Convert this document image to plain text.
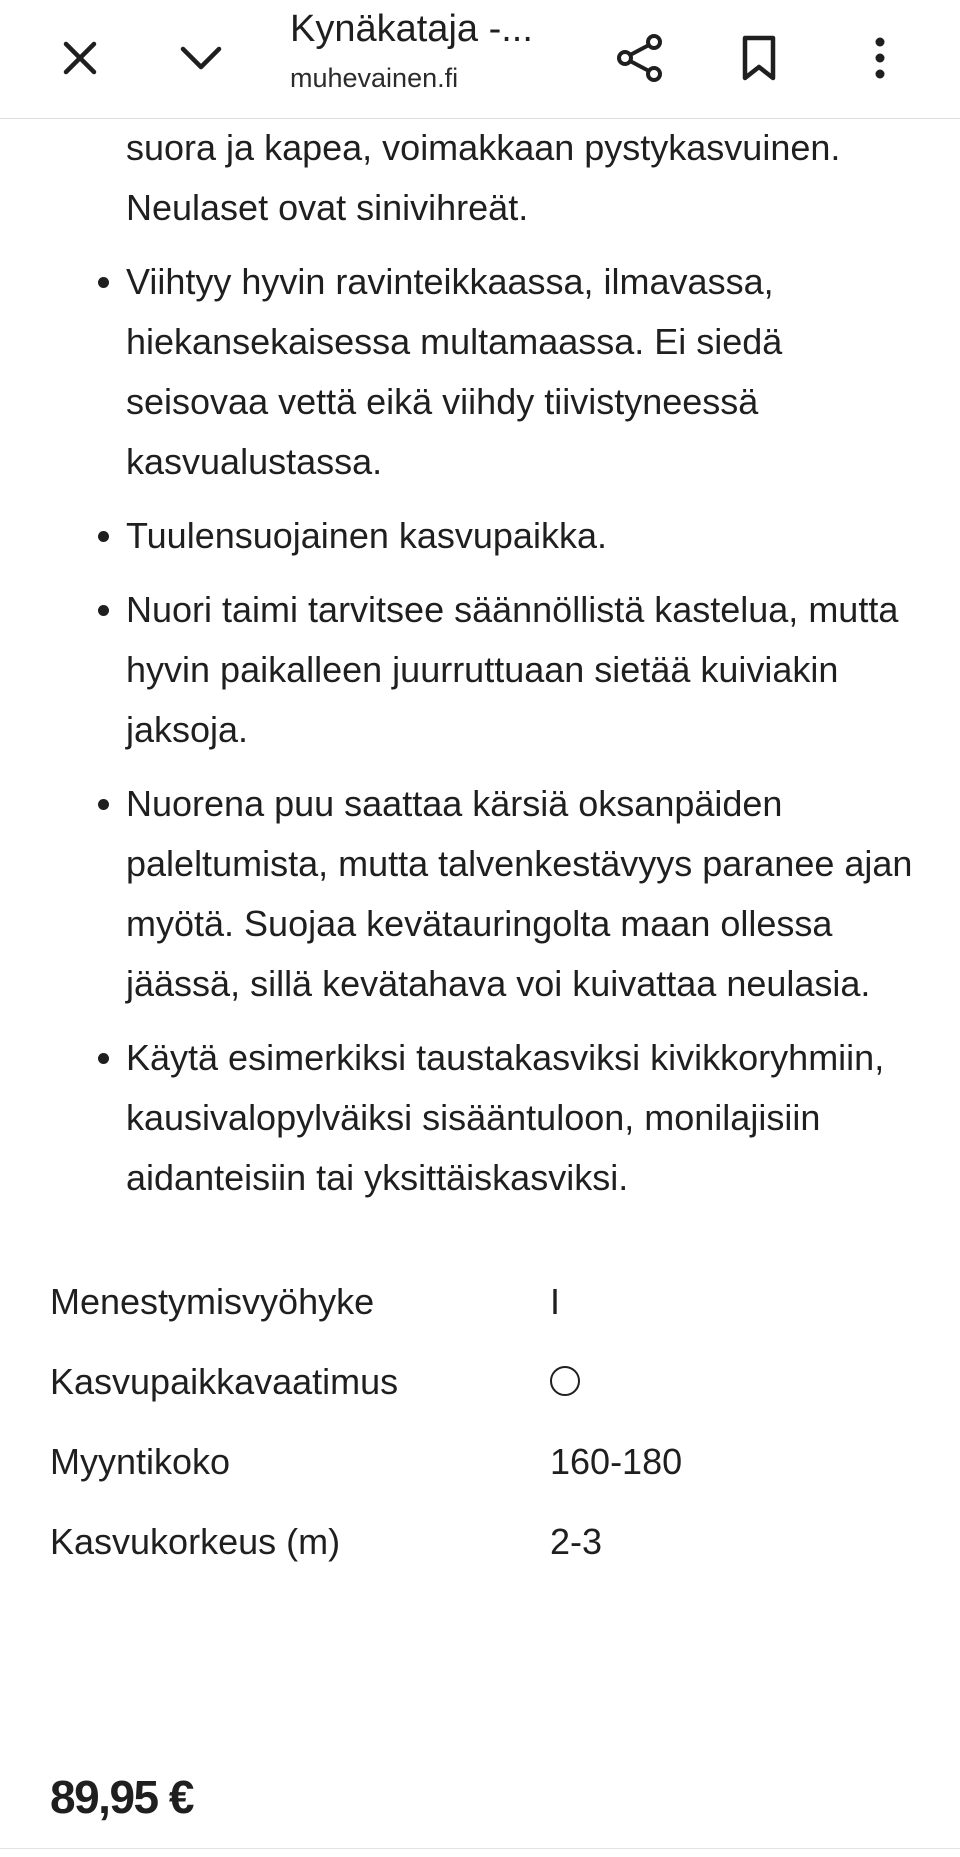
Kynäkataja -...
muhevainen.fi
suora ja kapea, voimakkaan pystykasvuinen. Neulaset ovat sinivihreät.
Viihtyy hyvin ravinteikkaassa, ilmavassa, hiekansekaisessa multamaassa. Ei siedä seisovaa vettä eikä viihdy tiivistyneessä kasvualustassa.
Tuulensuojainen kasvupaikka.
Nuori taimi tarvitsee säännöllistä kastelua, mutta hyvin paikalleen juurruttuaan sietää kuiviakin jaksoja.
Nuorena puu saattaa kärsiä oksanpäiden paleltumista, mutta talvenkestävyys paranee ajan myötä. Suojaa kevätauringolta maan ollessa jäässä, sillä kevätahava voi kuivattaa neulasia.
Käytä esimerkiksi taustakasviksi kivikkoryhmiin, kausivalopylväiksi sisääntuloon, monilajisiin aidanteisiin tai yksittäiskasviksi.
Menestymisvyöhyke	I
Kasvupaikkavaatimus
Myyntikoko	160-180
Kasvukorkeus (m)	2-3
89,95 €
